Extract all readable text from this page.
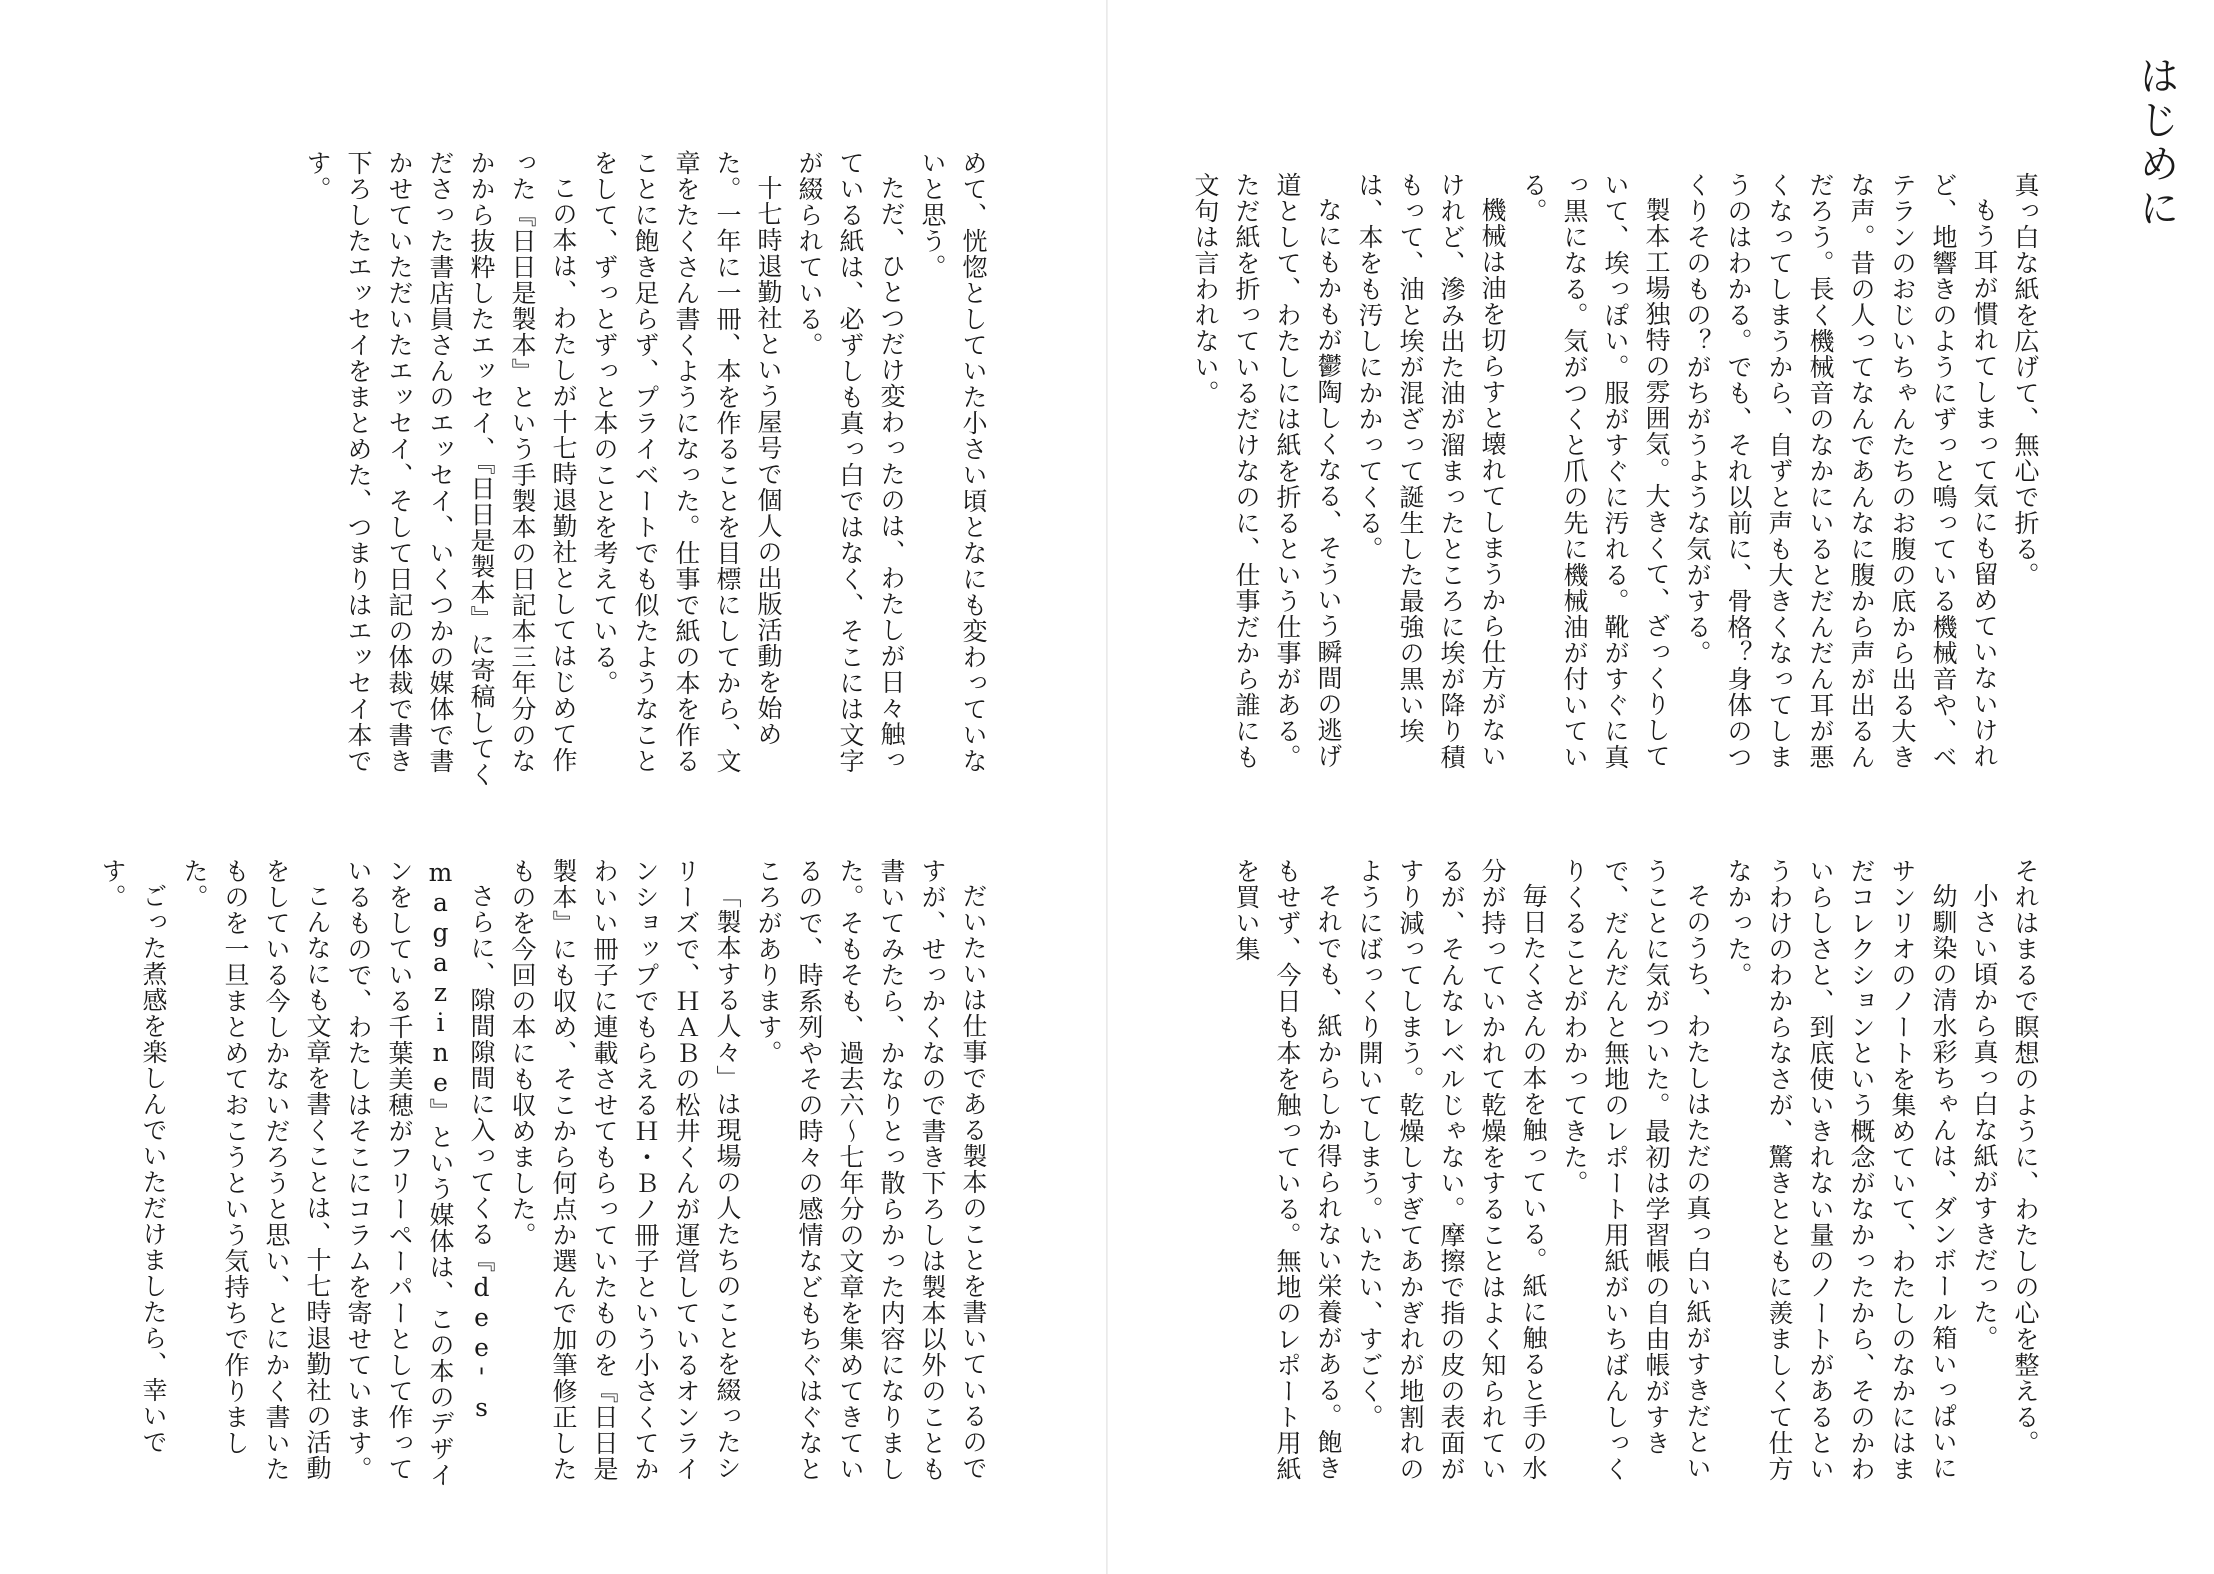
めて、恍惚としていた小さい頃となにも変わっていないと思う。

ただ、ひとつだけ変わったのは、わたしが日々触っている紙は、必ずしも真っ白ではなく、そこには文字が綴られている。

十七時退勤社という屋号で個人の出版活動を始めた。一年に一冊、本を作ることを目標にしてから、文章をたくさん書くようになった。仕事で紙の本を作ることに飽き足らず、プライベートでも似たようなことをして、ずっとずっと本のことを考えている。

この本は、わたしが十七時退勤社としてはじめて作った『日日是製本』という手製本の日記本三年分のなかから抜粋したエッセイ、『日日是製本』に寄稿してくださった書店員さんのエッセイ、いくつかの媒体で書かせていただいたエッセイ、そして日記の体裁で書き下ろしたエッセイをまとめた、つまりはエッセイ本です。

だいたいは仕事である製本のことを書いているのですが、せっかくなので書き下ろしは製本以外のことも書いてみたら、かなりとっ散らかった内容になりました。そもそも、過去六〜七年分の文章を集めてきているので、時系列やその時々の感情などもちぐはぐなところがあります。

「製本する人々」は現場の人たちのことを綴ったシリーズで、ＨＡＢの松井くんが運営しているオンラインショップでもらえるＨ・Ｂノ冊子という小さくてかわいい冊子に連載させてもらっていたものを『日日是製本』にも収め、そこから何点か選んで加筆修正したものを今回の本にも収めました。

さらに、隙間隙間に入ってくる『dee's magazine』という媒体は、この本のデザインをしている千葉美穂がフリーペーパーとして作っているもので、わたしはそこにコラムを寄せています。

こんなにも文章を書くことは、十七時退勤社の活動をしている今しかないだろうと思い、とにかく書いたものを一旦まとめておこうという気持ちで作りました。

ごった煮感を楽しんでいただけましたら、幸いです。

はじめに

真っ白な紙を広げて、無心で折る。

もう耳が慣れてしまって気にも留めていないけれど、地響きのようにずっと鳴っている機械音や、ベテランのおじいちゃんたちのお腹の底から出る大きな声。昔の人ってなんであんなに腹から声が出るんだろう。長く機械音のなかにいるとだんだん耳が悪くなってしまうから、自ずと声も大きくなってしまうのはわかる。でも、それ以前に、骨格？身体のつくりそのもの？がちがうような気がする。

製本工場独特の雰囲気。大きくて、ざっくりしていて、埃っぽい。服がすぐに汚れる。靴がすぐに真っ黒になる。気がつくと爪の先に機械油が付いている。

機械は油を切らすと壊れてしまうから仕方がないけれど、滲み出た油が溜まったところに埃が降り積もって、油と埃が混ざって誕生した最強の黒い埃は、本をも汚しにかかってくる。

なにもかもが鬱陶しくなる、そういう瞬間の逃げ道として、わたしには紙を折るという仕事がある。ただ紙を折っているだけなのに、仕事だから誰にも文句は言われない。

それはまるで瞑想のように、わたしの心を整える。

小さい頃から真っ白な紙がすきだった。

幼馴染の清水彩ちゃんは、ダンボール箱いっぱいにサンリオのノートを集めていて、わたしのなかにはまだコレクションという概念がなかったから、そのかわいらしさと、到底使いきれない量のノートがあるというわけのわからなさが、驚きとともに羨ましくて仕方なかった。

そのうち、わたしはただの真っ白い紙がすきだということに気がついた。最初は学習帳の自由帳がすきで、だんだんと無地のレポート用紙がいちばんしっくりくることがわかってきた。

毎日たくさんの本を触っている。紙に触ると手の水分が持っていかれて乾燥をすることはよく知られているが、そんなレベルじゃない。摩擦で指の皮の表面がすり減ってしまう。乾燥しすぎてあかぎれが地割れのようにばっくり開いてしまう。いたい、すごく。

それでも、紙からしか得られない栄養がある。飽きもせず、今日も本を触っている。無地のレポート用紙を買い集
